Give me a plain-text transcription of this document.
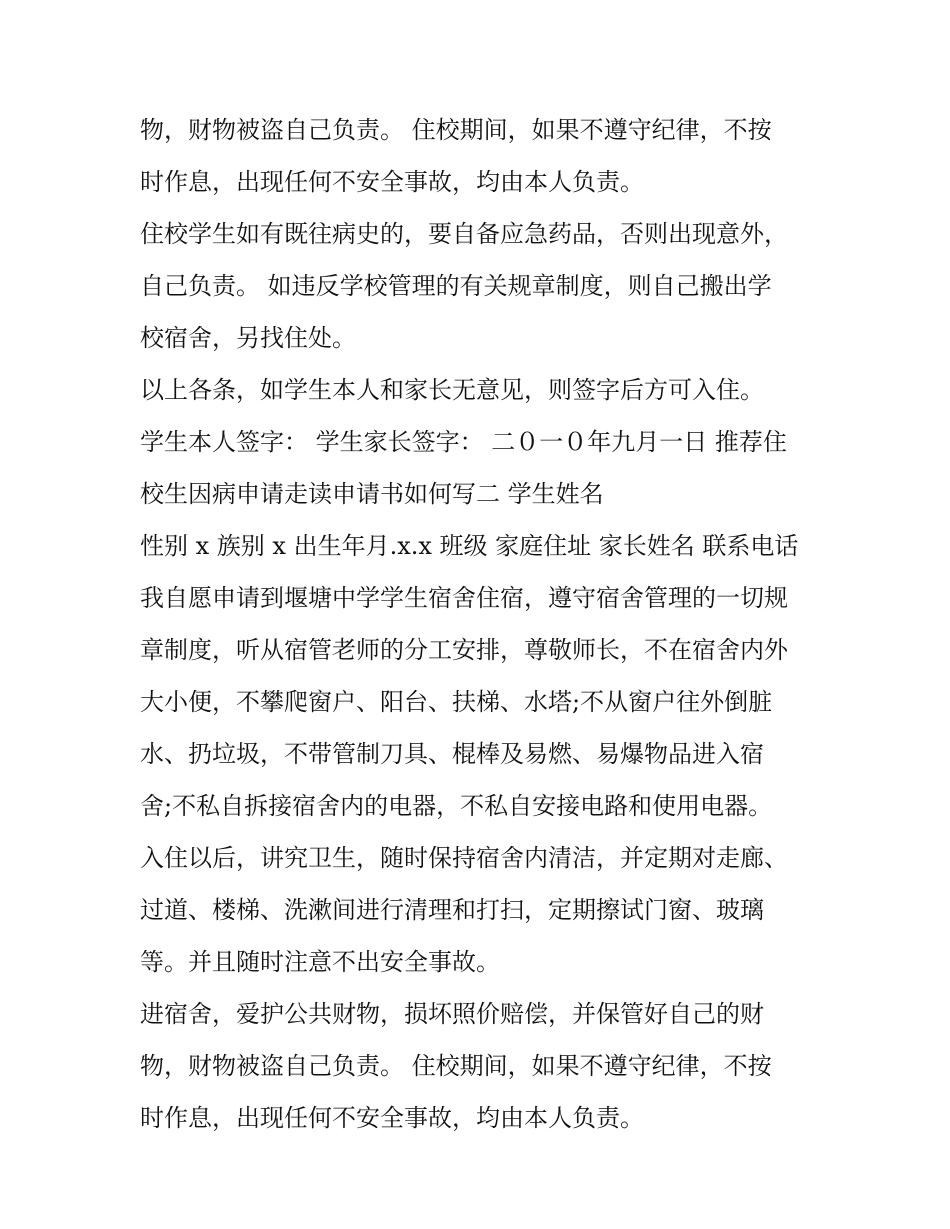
物，财物被盗自己负责。 住校期间，如果不遵守纪律，不按
时作息，出现任何不安全事故，均由本人负责。
住校学生如有既往病史的，要自备应急药品，否则出现意外，
自己负责。 如违反学校管理的有关规章制度，则自己搬出学
校宿舍，另找住处。
以上各条，如学生本人和家长无意见，则签字后方可入住。
学生本人签字： 学生家长签字： 二０一０年九月一日 推荐住
校生因病申请走读申请书如何写二 学生姓名
性别 x 族别 x 出生年月.x.x 班级 家庭住址 家长姓名 联系电话
我自愿申请到堰塘中学学生宿舍住宿，遵守宿舍管理的一切规
章制度，听从宿管老师的分工安排，尊敬师长，不在宿舍内外
大小便，不攀爬窗户、阳台、扶梯、水塔;不从窗户往外倒脏
水、扔垃圾，不带管制刀具、棍棒及易燃、易爆物品进入宿
舍;不私自拆接宿舍内的电器，不私自安接电路和使用电器。
入住以后，讲究卫生，随时保持宿舍内清洁，并定期对走廊、
过道、楼梯、洗漱间进行清理和打扫，定期擦试门窗、玻璃
等。并且随时注意不出安全事故。
进宿舍，爱护公共财物，损坏照价赔偿，并保管好自己的财
物，财物被盗自己负责。 住校期间，如果不遵守纪律，不按
时作息，出现任何不安全事故，均由本人负责。
